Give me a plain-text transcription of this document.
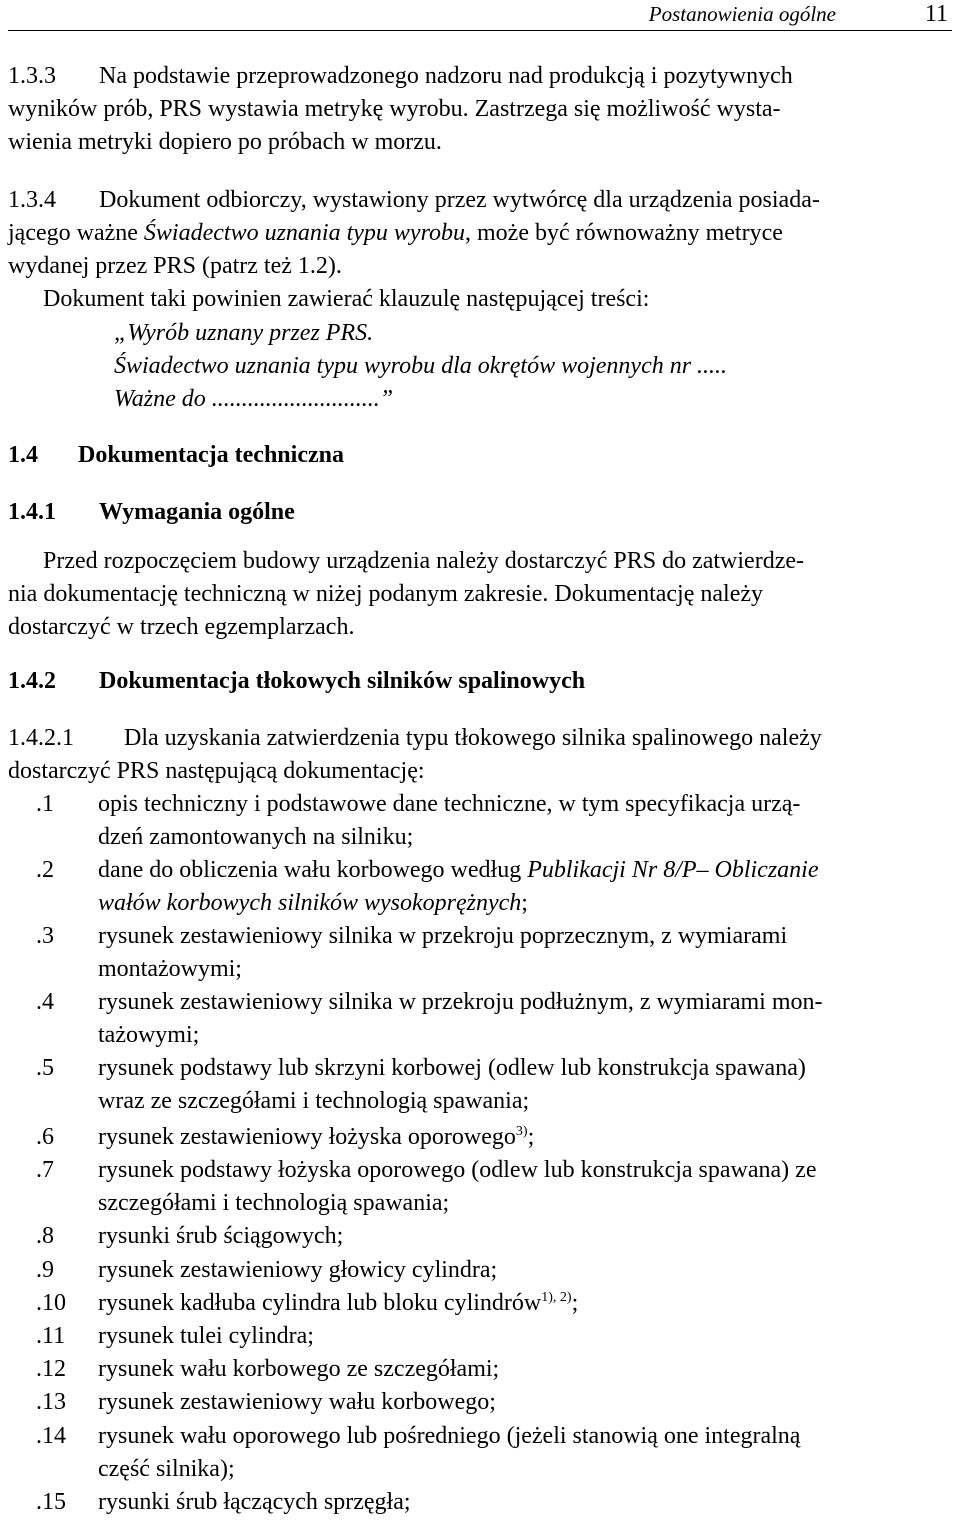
Postanowienia ogólne	11
1.3.3 Na podstawie przeprowadzonego nadzoru nad produkcją i pozytywnych
wyników prób, PRS wystawia metrykę wyrobu. Zastrzega się możliwość wysta-
wienia metryki dopiero po próbach w morzu.
1.3.4 Dokument odbiorczy, wystawiony przez wytwórcę dla urządzenia posiada-
jącego ważne Świadectwo uznania typu wyrobu, może być równoważny metryce
wydanej przez PRS (patrz też 1.2).
Dokument taki powinien zawierać klauzulę następującej treści:
„Wyrób uznany przez PRS.
Świadectwo uznania typu wyrobu dla okrętów wojennych nr .....
Ważne do ............................”
1.4 Dokumentacja techniczna
1.4.1 Wymagania ogólne
Przed rozpoczęciem budowy urządzenia należy dostarczyć PRS do zatwierdze-
nia dokumentację techniczną w niżej podanym zakresie. Dokumentację należy
dostarczyć w trzech egzemplarzach.
1.4.2 Dokumentacja tłokowych silników spalinowych
1.4.2.1 Dla uzyskania zatwierdzenia typu tłokowego silnika spalinowego należy
dostarczyć PRS następującą dokumentację:
.1 opis techniczny i podstawowe dane techniczne, w tym specyfikacja urzą-
dzeń zamontowanych na silniku;
.2 dane do obliczenia wału korbowego według Publikacji Nr 8/P– Obliczanie
wałów korbowych silników wysokoprężnych;
.3 rysunek zestawieniowy silnika w przekroju poprzecznym, z wymiarami
montażowymi;
.4 rysunek zestawieniowy silnika w przekroju podłużnym, z wymiarami mon-
tażowymi;
.5 rysunek podstawy lub skrzyni korbowej (odlew lub konstrukcja spawana)
wraz ze szczegółami i technologią spawania;
.6 rysunek zestawieniowy łożyska oporowego$^{3)}$;
.7 rysunek podstawy łożyska oporowego (odlew lub konstrukcja spawana) ze
szczegółami i technologią spawania;
.8 rysunki śrub ściągowych;
.9 rysunek zestawieniowy głowicy cylindra;
.10 rysunek kadłuba cylindra lub bloku cylindrów$^{1), 2)}$;
.11 rysunek tulei cylindra;
.12 rysunek wału korbowego ze szczegółami;
.13 rysunek zestawieniowy wału korbowego;
.14 rysunek wału oporowego lub pośredniego (jeżeli stanowią one integralną
część silnika);
.15 rysunki śrub łączących sprzęgła;
